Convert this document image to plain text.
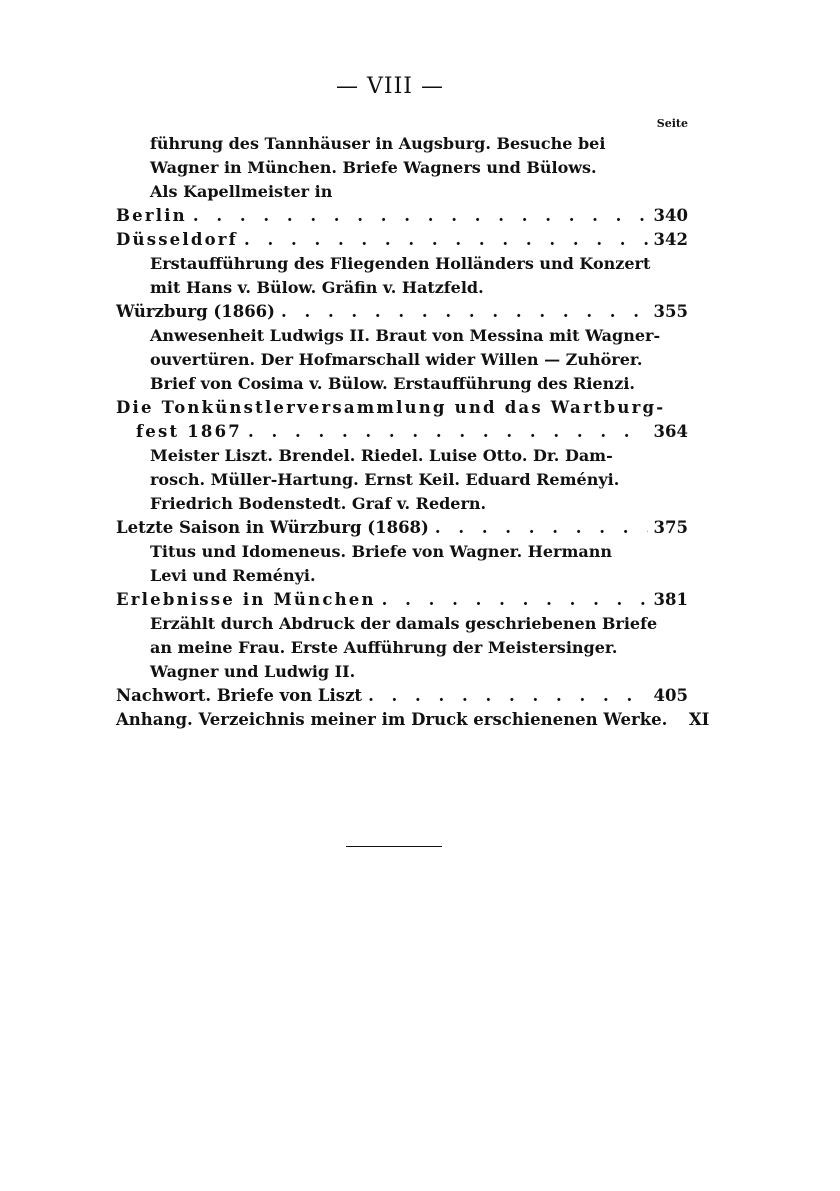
— VIII —
Seite
führung des Tannhäuser in Augsburg. Besuche bei
Wagner in München. Briefe Wagners und Bülows.
Als Kapellmeister in
Berlin . . .	340
Düsseldorf . . .	342
Erstaufführung des Fliegenden Holländers und Konzert
mit Hans v. Bülow. Gräfin v. Hatzfeld.
Würzburg (1866) . . .	355
Anwesenheit Ludwigs II. Braut von Messina mit Wagner-
ouvertüren. Der Hofmarschall wider Willen — Zuhörer.
Brief von Cosima v. Bülow. Erstaufführung des Rienzi.
Die Tonkünstlerversammlung und das Wartburg-
fest 1867 . . .	364
Meister Liszt. Brendel. Riedel. Luise Otto. Dr. Dam-
rosch. Müller-Hartung. Ernst Keil. Eduard Reményi.
Friedrich Bodenstedt. Graf v. Redern.
Letzte Saison in Würzburg (1868) . . .	375
Titus und Idomeneus. Briefe von Wagner. Hermann
Levi und Reményi.
Erlebnisse in München . . .	381
Erzählt durch Abdruck der damals geschriebenen Briefe
an meine Frau. Erste Aufführung der Meistersinger.
Wagner und Ludwig II.
Nachwort. Briefe von Liszt . . .	405
Anhang. Verzeichnis meiner im Druck erschienenen Werke.	XI
